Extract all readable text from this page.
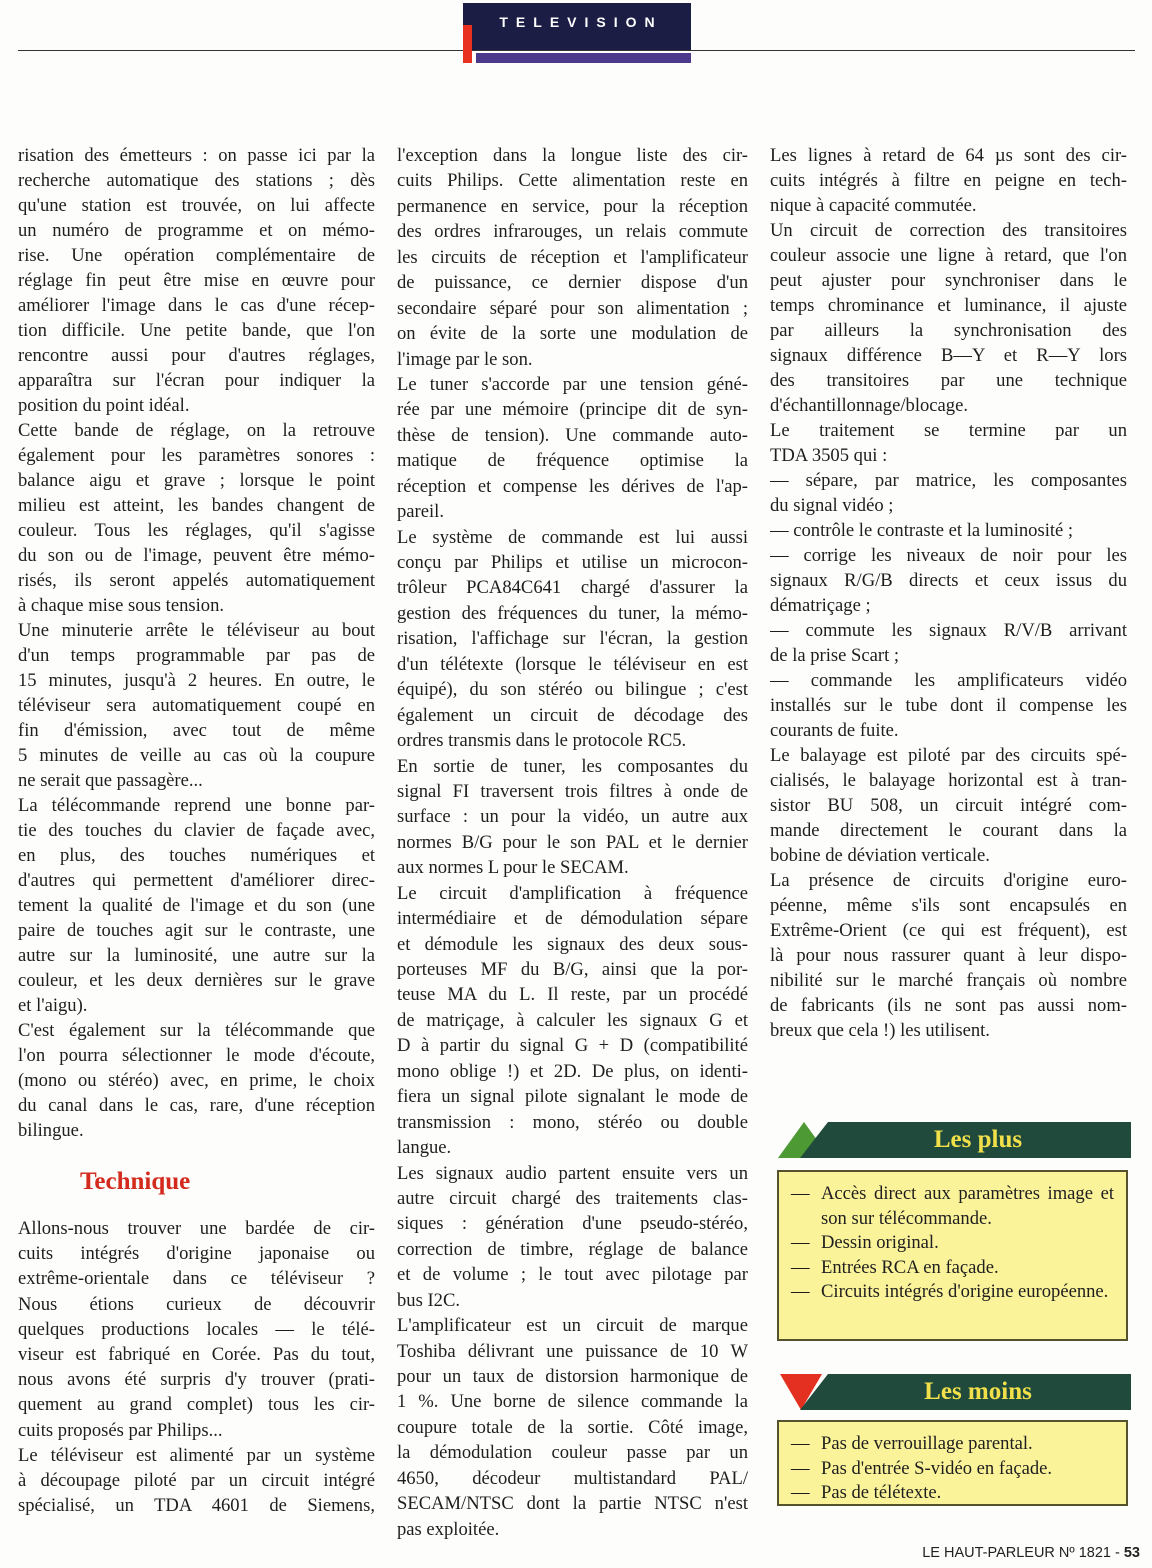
TELEVISION
risation des émetteurs : on passe ici par la
recherche automatique des stations ; dès
qu'une station est trouvée, on lui affecte
un numéro de programme et on mémo-
rise. Une opération complémentaire de
réglage fin peut être mise en œuvre pour
améliorer l'image dans le cas d'une récep-
tion difficile. Une petite bande, que l'on
rencontre aussi pour d'autres réglages,
apparaîtra sur l'écran pour indiquer la
position du point idéal.
Cette bande de réglage, on la retrouve
également pour les paramètres sonores :
balance aigu et grave ; lorsque le point
milieu est atteint, les bandes changent de
couleur. Tous les réglages, qu'il s'agisse
du son ou de l'image, peuvent être mémo-
risés, ils seront appelés automatiquement
à chaque mise sous tension.
Une minuterie arrête le téléviseur au bout
d'un temps programmable par pas de
15 minutes, jusqu'à 2 heures. En outre, le
téléviseur sera automatiquement coupé en
fin d'émission, avec tout de même
5 minutes de veille au cas où la coupure
ne serait que passagère...
La télécommande reprend une bonne par-
tie des touches du clavier de façade avec,
en plus, des touches numériques et
d'autres qui permettent d'améliorer direc-
tement la qualité de l'image et du son (une
paire de touches agit sur le contraste, une
autre sur la luminosité, une autre sur la
couleur, et les deux dernières sur le grave
et l'aigu).
C'est également sur la télécommande que
l'on pourra sélectionner le mode d'écoute,
(mono ou stéréo) avec, en prime, le choix
du canal dans le cas, rare, d'une réception
bilingue.
l'exception dans la longue liste des cir-
cuits Philips. Cette alimentation reste en
permanence en service, pour la réception
des ordres infrarouges, un relais commute
les circuits de réception et l'amplificateur
de puissance, ce dernier dispose d'un
secondaire séparé pour son alimentation ;
on évite de la sorte une modulation de
l'image par le son.
Le tuner s'accorde par une tension géné-
rée par une mémoire (principe dit de syn-
thèse de tension). Une commande auto-
matique de fréquence optimise la
réception et compense les dérives de l'ap-
pareil.
Le système de commande est lui aussi
conçu par Philips et utilise un microcon-
trôleur PCA84C641 chargé d'assurer la
gestion des fréquences du tuner, la mémo-
risation, l'affichage sur l'écran, la gestion
d'un télétexte (lorsque le téléviseur en est
équipé), du son stéréo ou bilingue ; c'est
également un circuit de décodage des
ordres transmis dans le protocole RC5.
En sortie de tuner, les composantes du
signal FI traversent trois filtres à onde de
surface : un pour la vidéo, un autre aux
normes B/G pour le son PAL et le dernier
aux normes L pour le SECAM.
Le circuit d'amplification à fréquence
intermédiaire et de démodulation sépare
et démodule les signaux des deux sous-
porteuses MF du B/G, ainsi que la por-
teuse MA du L. Il reste, par un procédé
de matriçage, à calculer les signaux G et
D à partir du signal G + D (compatibilité
mono oblige !) et 2D. De plus, on identi-
fiera un signal pilote signalant le mode de
transmission : mono, stéréo ou double
langue.
Les signaux audio partent ensuite vers un
autre circuit chargé des traitements clas-
siques : génération d'une pseudo-stéréo,
correction de timbre, réglage de balance
et de volume ; le tout avec pilotage par
bus I2C.
L'amplificateur est un circuit de marque
Toshiba délivrant une puissance de 10 W
pour un taux de distorsion harmonique de
1 %. Une borne de silence commande la
coupure totale de la sortie. Côté image,
la démodulation couleur passe par un
4650, décodeur multistandard PAL/
SECAM/NTSC dont la partie NTSC n'est
pas exploitée.
Les lignes à retard de 64 µs sont des cir-
cuits intégrés à filtre en peigne en tech-
nique à capacité commutée.
Un circuit de correction des transitoires
couleur associe une ligne à retard, que l'on
peut ajuster pour synchroniser dans le
temps chrominance et luminance, il ajuste
par ailleurs la synchronisation des
signaux différence B—Y et R—Y lors
des transitoires par une technique
d'échantillonnage/blocage.
Le traitement se termine par un
TDA 3505 qui :
— sépare, par matrice, les composantes
du signal vidéo ;
— contrôle le contraste et la luminosité ;
— corrige les niveaux de noir pour les
signaux R/G/B directs et ceux issus du
dématriçage ;
— commute les signaux R/V/B arrivant
de la prise Scart ;
— commande les amplificateurs vidéo
installés sur le tube dont il compense les
courants de fuite.
Le balayage est piloté par des circuits spé-
cialisés, le balayage horizontal est à tran-
sistor BU 508, un circuit intégré com-
mande directement le courant dans la
bobine de déviation verticale.
La présence de circuits d'origine euro-
péenne, même s'ils sont encapsulés en
Extrême-Orient (ce qui est fréquent), est
là pour nous rassurer quant à leur dispo-
nibilité sur le marché français où nombre
de fabricants (ils ne sont pas aussi nom-
breux que cela !) les utilisent.
Technique
Allons-nous trouver une bardée de cir-
cuits intégrés d'origine japonaise ou
extrême-orientale dans ce téléviseur ?
Nous étions curieux de découvrir
quelques productions locales — le télé-
viseur est fabriqué en Corée. Pas du tout,
nous avons été surpris d'y trouver (prati-
quement au grand complet) tous les cir-
cuits proposés par Philips...
Le téléviseur est alimenté par un système
à découpage piloté par un circuit intégré
spécialisé, un TDA 4601 de Siemens,
Les plus
— Accès direct aux paramètres image et son sur télécommande.
— Dessin original.
— Entrées RCA en façade.
— Circuits intégrés d'origine européenne.
Les moins
— Pas de verrouillage parental.
— Pas d'entrée S-vidéo en façade.
— Pas de télétexte.
LE HAUT-PARLEUR Nº 1821 - 53
